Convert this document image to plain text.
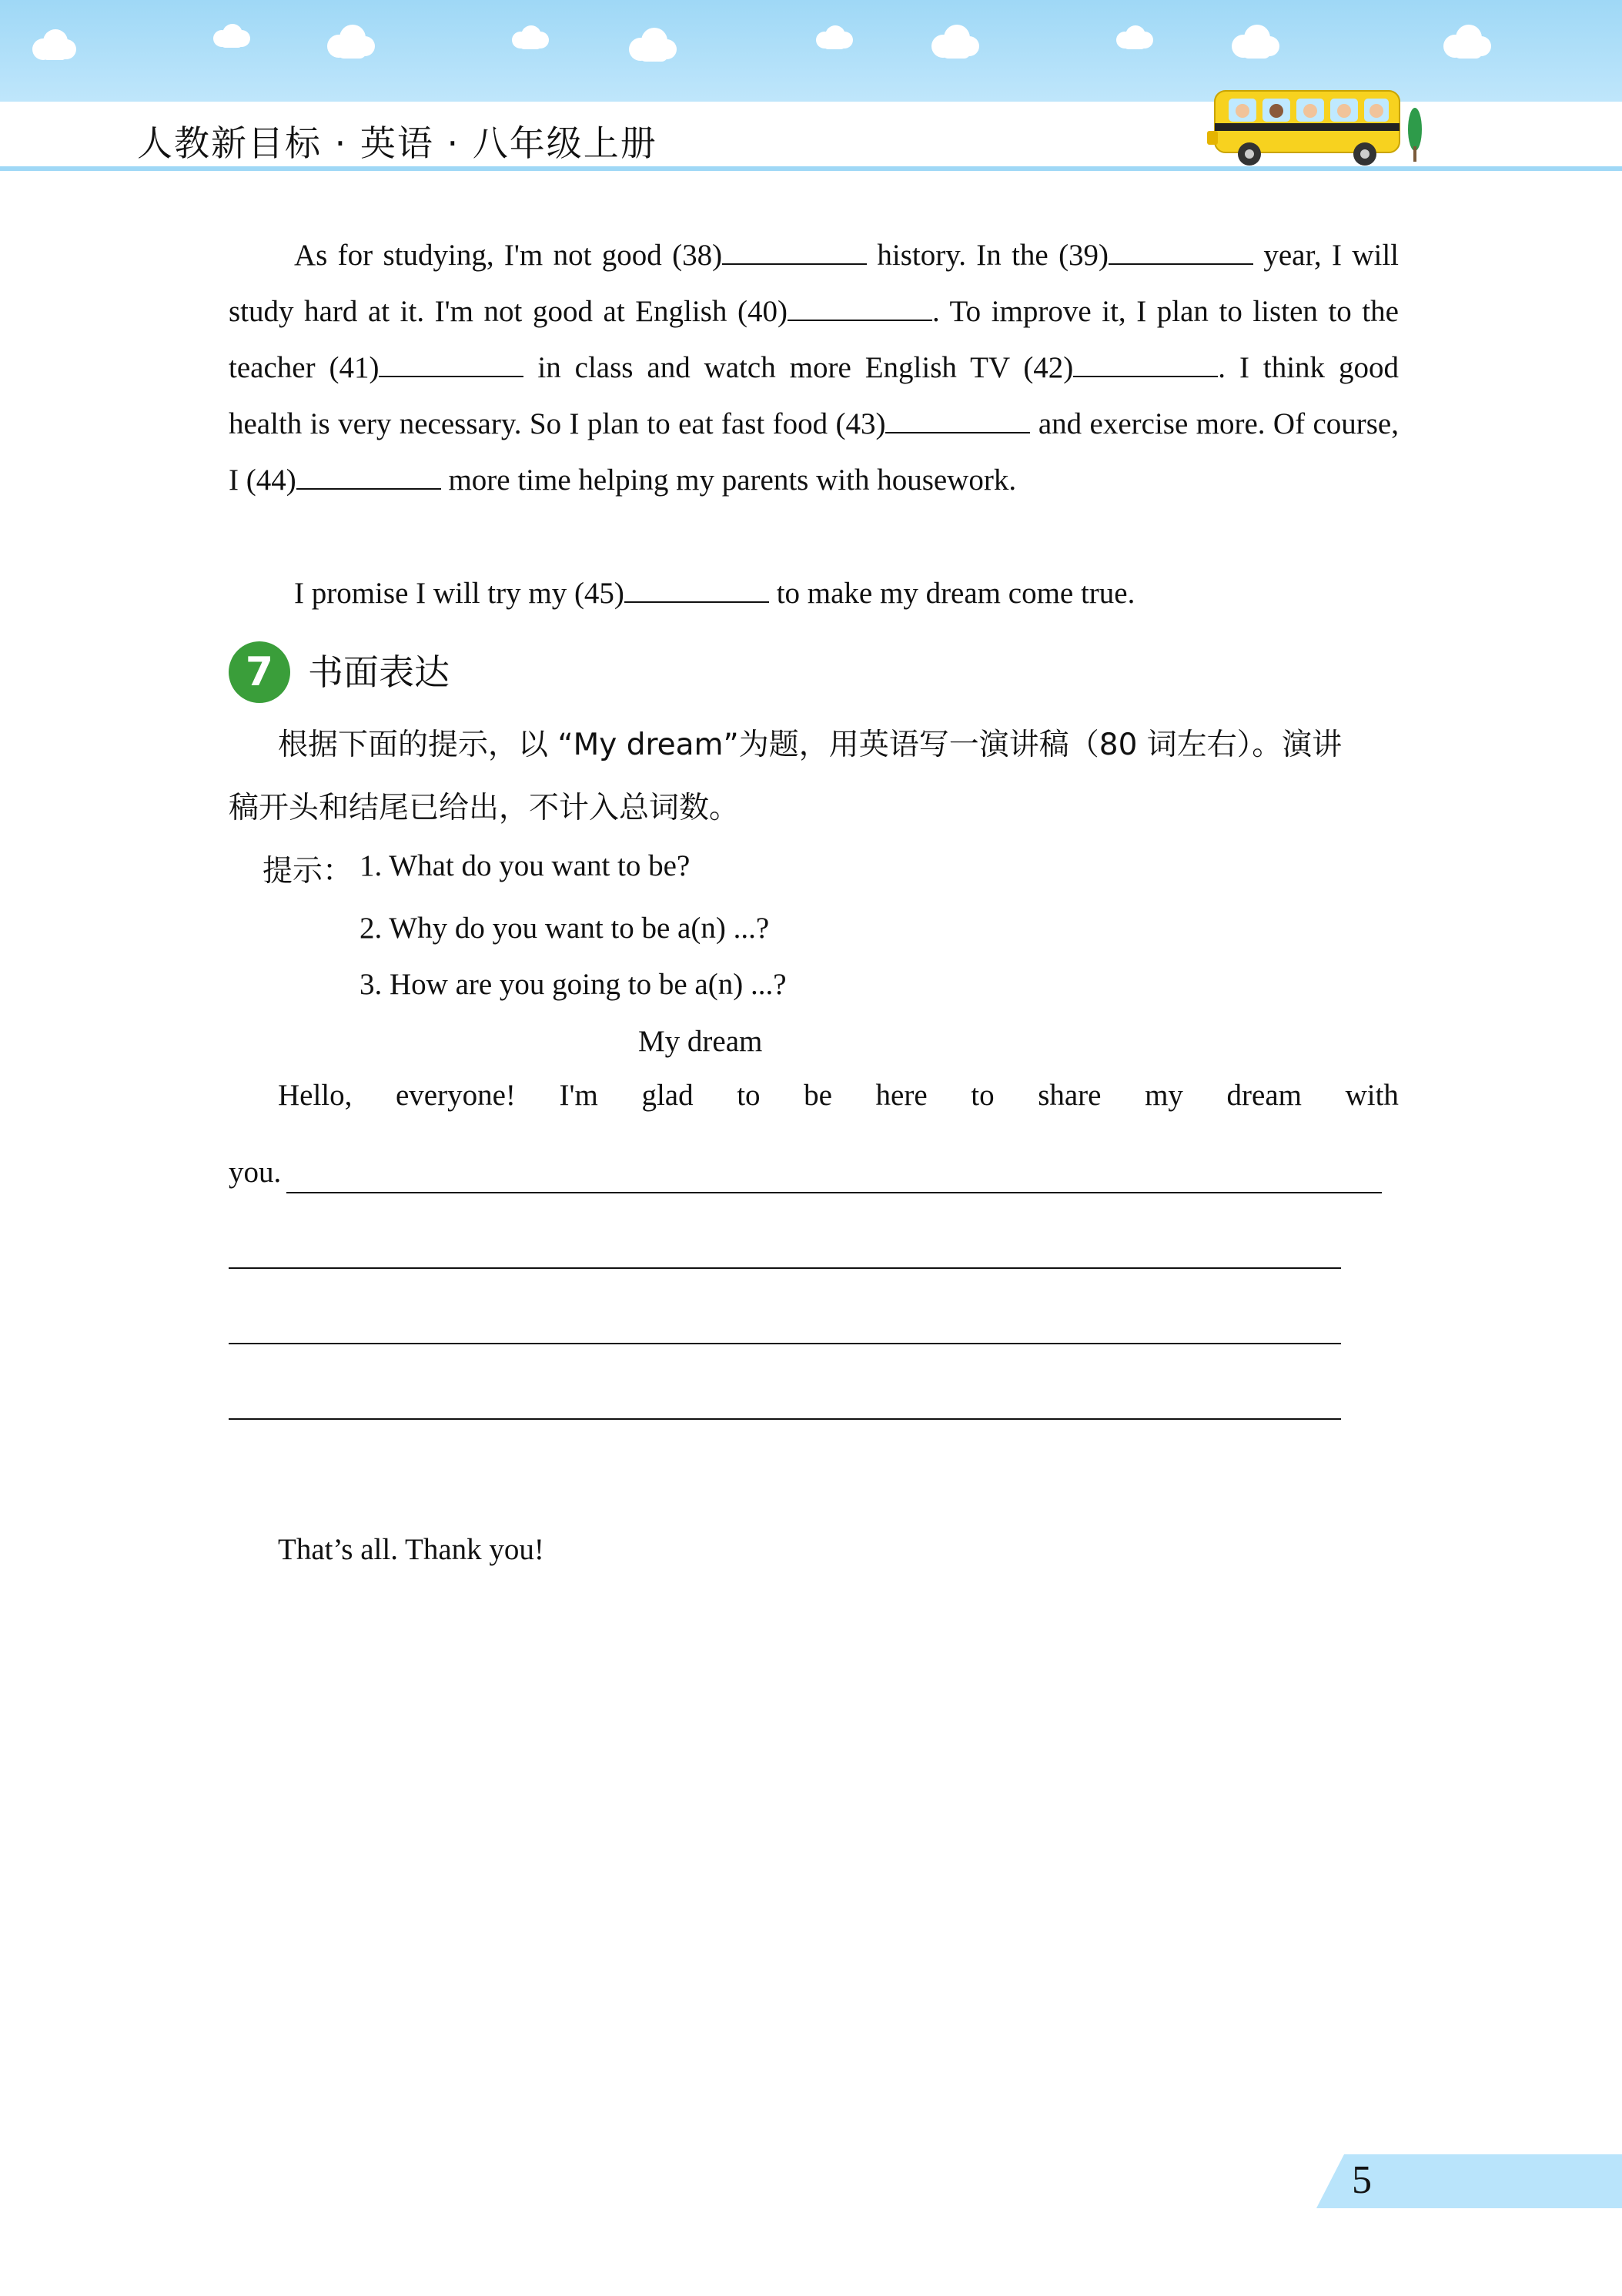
人教新目标 · 英语 · 八年级上册
As for studying, I'm not good (38)	history. In the (39)	year, I will study hard at it. I'm not good at English (40)	. To improve it, I plan to listen to the teacher (41)	in class and watch more English TV (42)	. I think good health is very necessary. So I plan to eat fast food (43)	and exercise more. Of course, I (44)	more time helping my parents with housework.
I promise I will try my (45)	to make my dream come true.
7 书面表达
根据下面的提示，以 “My dream”为题，用英语写一演讲稿（80 词左右）。演讲
稿开头和结尾已给出，不计入总词数。
提示： 1. What do you want to be?
2. Why do you want to be a(n) ...?
3. How are you going to be a(n) ...?
My dream
Hello, everyone! I'm glad to be here to share my dream with
you.
That’s all. Thank you!
5
